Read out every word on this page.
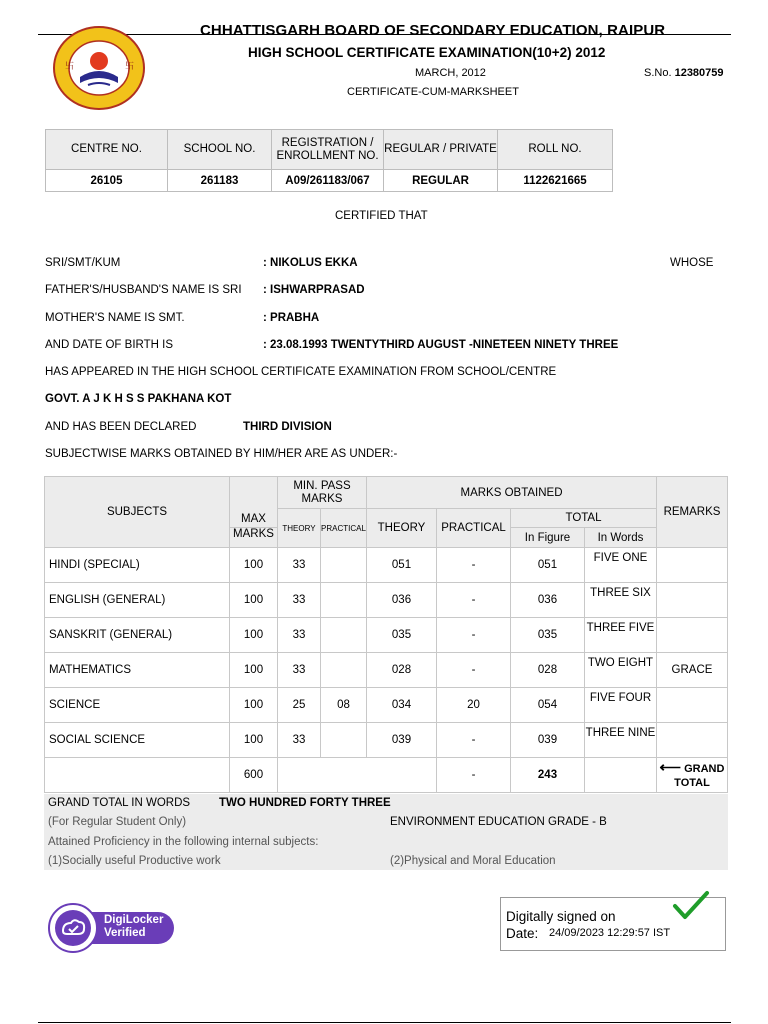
卐	卐
CHHATTISGARH BOARD OF SECONDARY EDUCATION, RAIPUR
HIGH SCHOOL CERTIFICATE EXAMINATION(10+2) 2012
MARCH, 2012	S.No. 12380759
CERTIFICATE-CUM-MARKSHEET
CENTRE NO.	SCHOOL NO.	REGISTRATION / ENROLLMENT NO.	REGULAR / PRIVATE	ROLL NO.
26105	261183	A09/261183/067	REGULAR	1122621665
CERTIFIED THAT
SRI/SMT/KUM	: NIKOLUS EKKA	WHOSE
FATHER'S/HUSBAND'S NAME IS SRI : ISHWARPRASAD
MOTHER'S NAME IS SMT.	: PRABHA
AND DATE OF BIRTH IS	: 23.08.1993 TWENTYTHIRD AUGUST -NINETEEN NINETY THREE
HAS APPEARED IN THE HIGH SCHOOL CERTIFICATE EXAMINATION FROM SCHOOL/CENTRE
GOVT. A J K H S S PAKHANA KOT
AND HAS BEEN DECLARED	THIRD DIVISION
SUBJECTWISE MARKS OBTAINED BY HIM/HER ARE AS UNDER:-
SUBJECTS	MAX	MIN. PASS MARKS		MARKS OBTAINED				REMARKS
		THEORY	PRACTICAL	THEORY	PRACTICAL	TOTAL		
	MARKS					In Figure	In Words	
HINDI (SPECIAL)	100	33		051	-	051	FIVE ONE	
ENGLISH (GENERAL)	100	33		036	-	036	THREE SIX	
SANSKRIT (GENERAL)	100	33		035	-	035	THREE FIVE	
MATHEMATICS	100	33		028	-	028	TWO EIGHT	GRACE
SCIENCE	100	25	08	034	20	054	FIVE FOUR	
SOCIAL SCIENCE	100	33		039	-	039	THREE NINE	
	600				-	243		⟵ GRAND TOTAL
GRAND TOTAL IN WORDS	TWO HUNDRED FORTY THREE
(For Regular Student Only)	ENVIRONMENT EDUCATION GRADE - B
Attained Proficiency in the following internal subjects:
(1)Socially useful Productive work	(2)Physical and Moral Education
DigiLocker
Verified
Digitally signed on
Date: 24/09/2023 12:29:57 IST
